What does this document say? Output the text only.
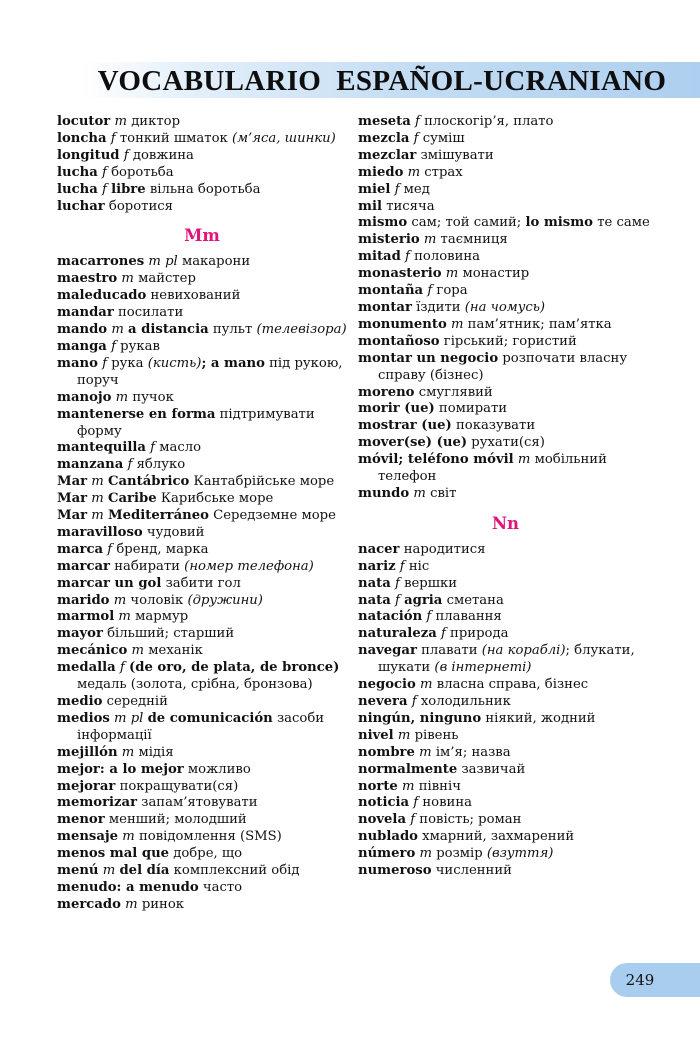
VOCABULARIO  ESPAÑOL-UCRANIANO

locutor m диктор

loncha f тонкий шматок (м’яса, шинки)

longitud f довжина

lucha f боротьба

lucha f libre вільна боротьба

luchar боротися

Mm

macarrones m pl макарони

maestro m майстер

maleducado невихований

mandar посилати

mando m a distancia пульт (телевізора)

manga f рукав

mano f рука (кисть); a mano під рукою, поруч

manojo m пучок

mantenerse en forma підтримувати форму

mantequilla f масло

manzana f яблуко

Mar m Cantábrico Кантабрійське море

Mar m Caribe Карибське море

Mar m Mediterráneo Середземне море

maravilloso чудовий

marca f бренд, марка

marcar набирати (номер телефона)

marcar un gol забити гол

marido m чоловік (дружини)

marmol m мармур

mayor більший; старший

mecánico m механік

medalla f (de oro, de plata, de bronce) медаль (золота, срібна, бронзова)

medio середній

medios m pl de comunicación засоби інформації

mejillón m мідія

mejor: a lo mejor можливо

mejorar покращувати(ся)

memorizar запам’ятовувати

menor менший; молодший

mensaje m повідомлення (SMS)

menos mal que добре, що

menú m del día комплексний обід

menudo: a menudo часто

mercado m ринок

meseta f плоскогір’я, плато

mezcla f суміш

mezclar змішувати

miedo m страх

miel f мед

mil тисяча

mismo сам; той самий; lo mismo те саме

misterio m таємниця

mitad f половина

monasterio m монастир

montaña f гора

montar їздити (на чомусь)

monumento m пам’ятник; пам’ятка

montañoso гірський; гористий

montar un negocio розпочати власну справу (бізнес)

moreno смуглявий

morir (ue) помирати

mostrar (ue) показувати

mover(se) (ue) рухати(ся)

móvil; teléfono móvil m мобільний телефон

mundo m світ

Nn

nacer народитися

nariz f ніс

nata f вершки

nata f agria сметана

natación f плавання

naturaleza f природа

navegar плавати (на кораблі); блукати, шукати (в інтернеті)

negocio m власна справа, бізнес

nevera f холодильник

ningún, ninguno ніякий, жодний

nivel m рівень

nombre m ім’я; назва

normalmente зазвичай

norte m північ

noticia f новина

novela f повість; роман

nublado хмарний, захмарений

número m розмір (взуття)

numeroso численний

249
